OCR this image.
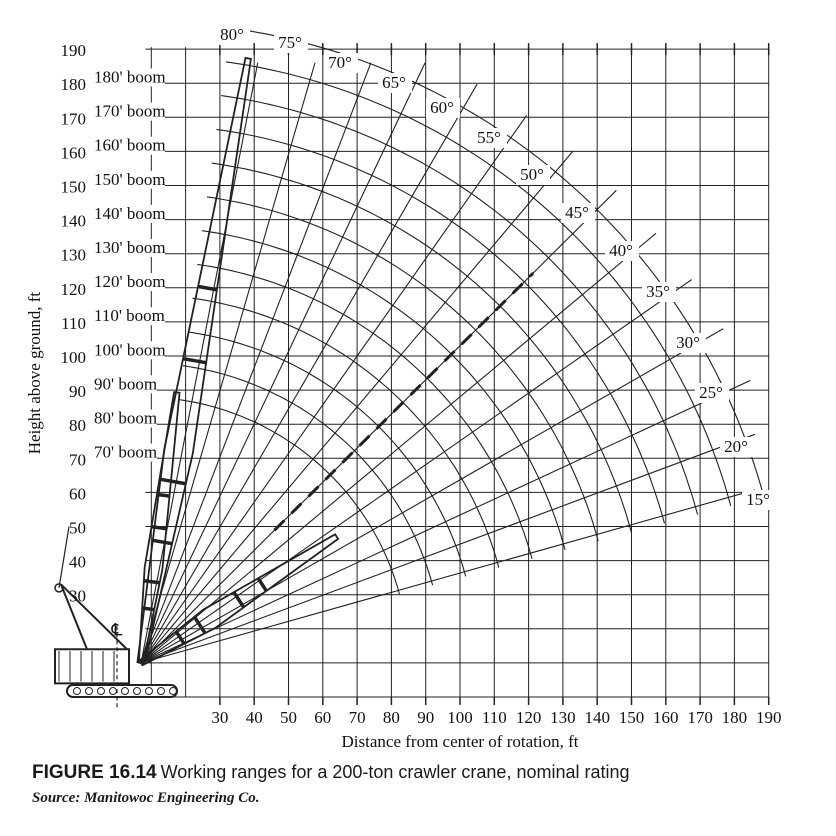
30
40
50
60
70
80
90
100
110
120
130
140
150
160
170
180
190
30 40 50 60 70 80 90 100 110 120 130 140 150 160 170 180 190
Distance from center of rotation, ft
Height above ground, ft	70' boom
80' boom
90' boom
100' boom
110' boom
120' boom
130' boom
140' boom
150' boom
160' boom
170' boom
180' boom
15°
20°
25°
30°
35°
40°
45°
50°
55°
60°
65°
70°
75°
80°
℄
FIGURE 16.14 Working ranges for a 200-ton crawler crane, nominal rating
Source: Manitowoc Engineering Co.
